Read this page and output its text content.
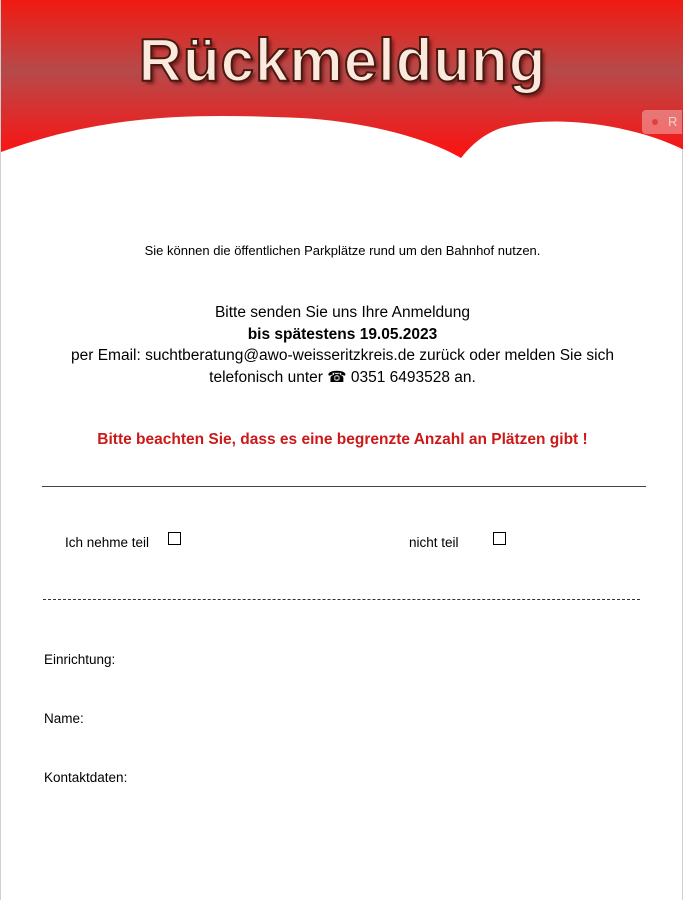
Rückmeldung
R
Sie können die öffentlichen Parkplätze rund um den Bahnhof nutzen.
Bitte senden Sie uns Ihre Anmeldung
bis spätestens 19.05.2023
per Email: suchtberatung@awo-weisseritzkreis.de zurück oder melden Sie sich
telefonisch unter ☎ 0351 6493528 an.
Bitte beachten Sie, dass es eine begrenzte Anzahl an Plätzen gibt !
Ich nehme teil	nicht teil
Einrichtung:
Name:
Kontaktdaten:
